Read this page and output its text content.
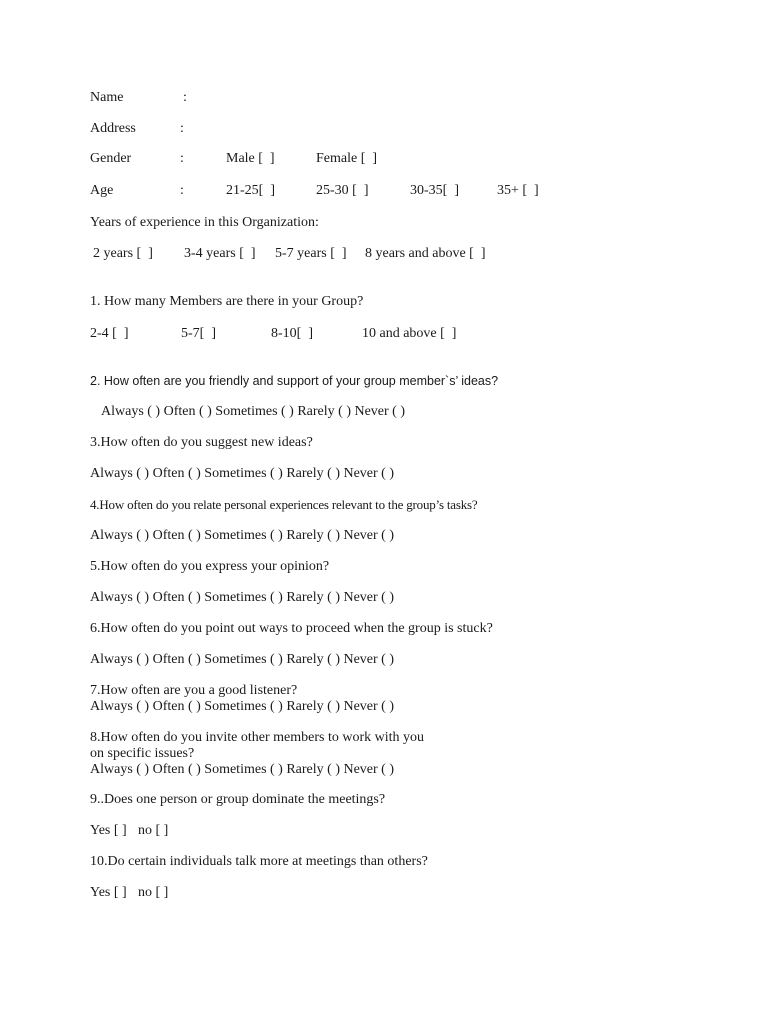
Name	:
Address	:
Gender	:	Male [  ]	Female [  ]
Age	:	21-25[  ]	25-30 [  ]	30-35[  ]	35+ [  ]
Years of experience in this Organization:
2 years [  ] 3-4 years [  ] 5-7 years [  ] 8 years and above [  ]
1. How many Members are there in your Group?
2-4 [  ]	5-7[  ]	8-10[  ]	10 and above [  ]
2. How often are you friendly and support of your group member`s’ ideas?
Always ( ) Often ( ) Sometimes ( ) Rarely ( ) Never ( )
3.How often do you suggest new ideas?
Always ( ) Often ( ) Sometimes ( ) Rarely ( ) Never ( )
4.How often do you relate personal experiences relevant to the group’s tasks?
Always ( ) Often ( ) Sometimes ( ) Rarely ( ) Never ( )
5.How often do you express your opinion?
Always ( ) Often ( ) Sometimes ( ) Rarely ( ) Never ( )
6.How often do you point out ways to proceed when the group is stuck?
Always ( ) Often ( ) Sometimes ( ) Rarely ( ) Never ( )
7.How often are you a good listener?
Always ( ) Often ( ) Sometimes ( ) Rarely ( ) Never ( )
8.How often do you invite other members to work with you
on specific issues?
Always ( ) Often ( ) Sometimes ( ) Rarely ( ) Never ( )
9..Does one person or group dominate the meetings?
Yes [ ] no [ ]
10.Do certain individuals talk more at meetings than others?
Yes [ ] no [ ]
